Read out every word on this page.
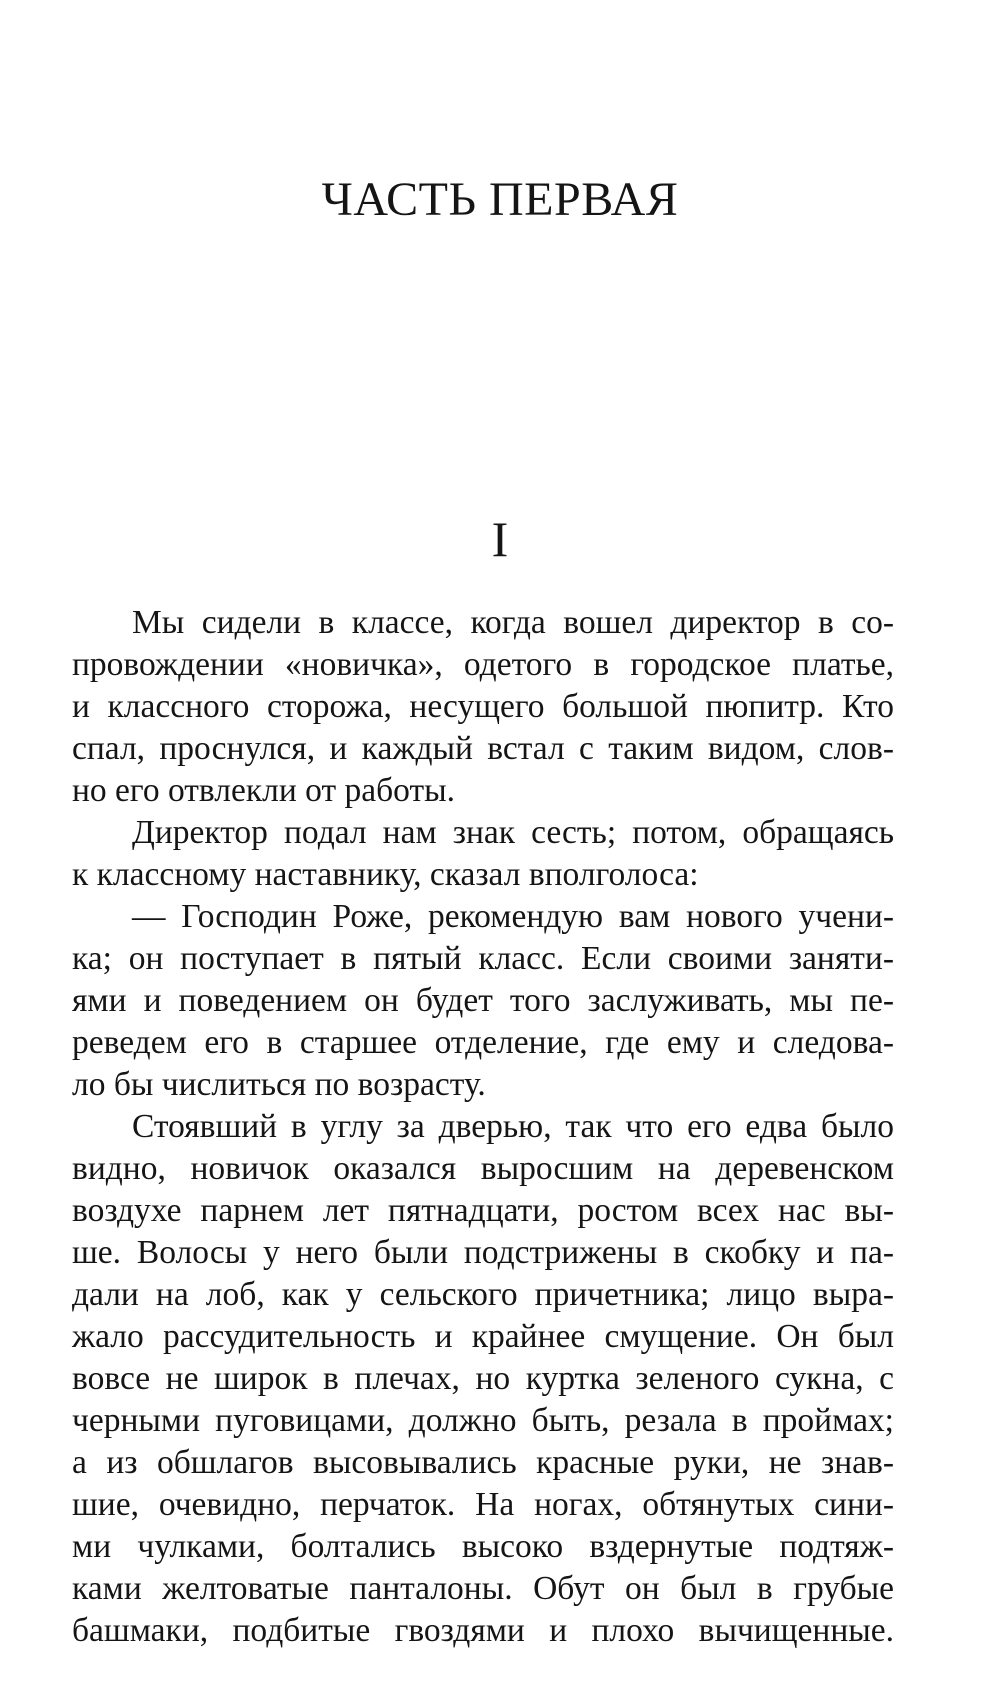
ЧАСТЬ ПЕРВАЯ
I
Мы сидели в классе, когда вошел директор в со-
провождении «новичка», одетого в городское платье,
и классного сторожа, несущего большой пюпитр. Кто
спал, проснулся, и каждый встал с таким видом, слов-
но его отвлекли от работы.
Директор подал нам знак сесть; потом, обращаясь
к классному наставнику, сказал вполголоса:
— Господин Роже, рекомендую вам нового учени-
ка; он поступает в пятый класс. Если своими заняти-
ями и поведением он будет того заслуживать, мы пе-
реведем его в старшее отделение, где ему и следова-
ло бы числиться по возрасту.
Стоявший в углу за дверью, так что его едва было
видно, новичок оказался выросшим на деревенском
воздухе парнем лет пятнадцати, ростом всех нас вы-
ше. Волосы у него были подстрижены в скобку и па-
дали на лоб, как у сельского причетника; лицо выра-
жало рассудительность и крайнее смущение. Он был
вовсе не широк в плечах, но куртка зеленого сукна, с
черными пуговицами, должно быть, резала в проймах;
а из обшлагов высовывались красные руки, не знав-
шие, очевидно, перчаток. На ногах, обтянутых сини-
ми чулками, болтались высоко вздернутые подтяж-
ками желтоватые панталоны. Обут он был в грубые
башмаки, подбитые гвоздями и плохо вычищенные.
